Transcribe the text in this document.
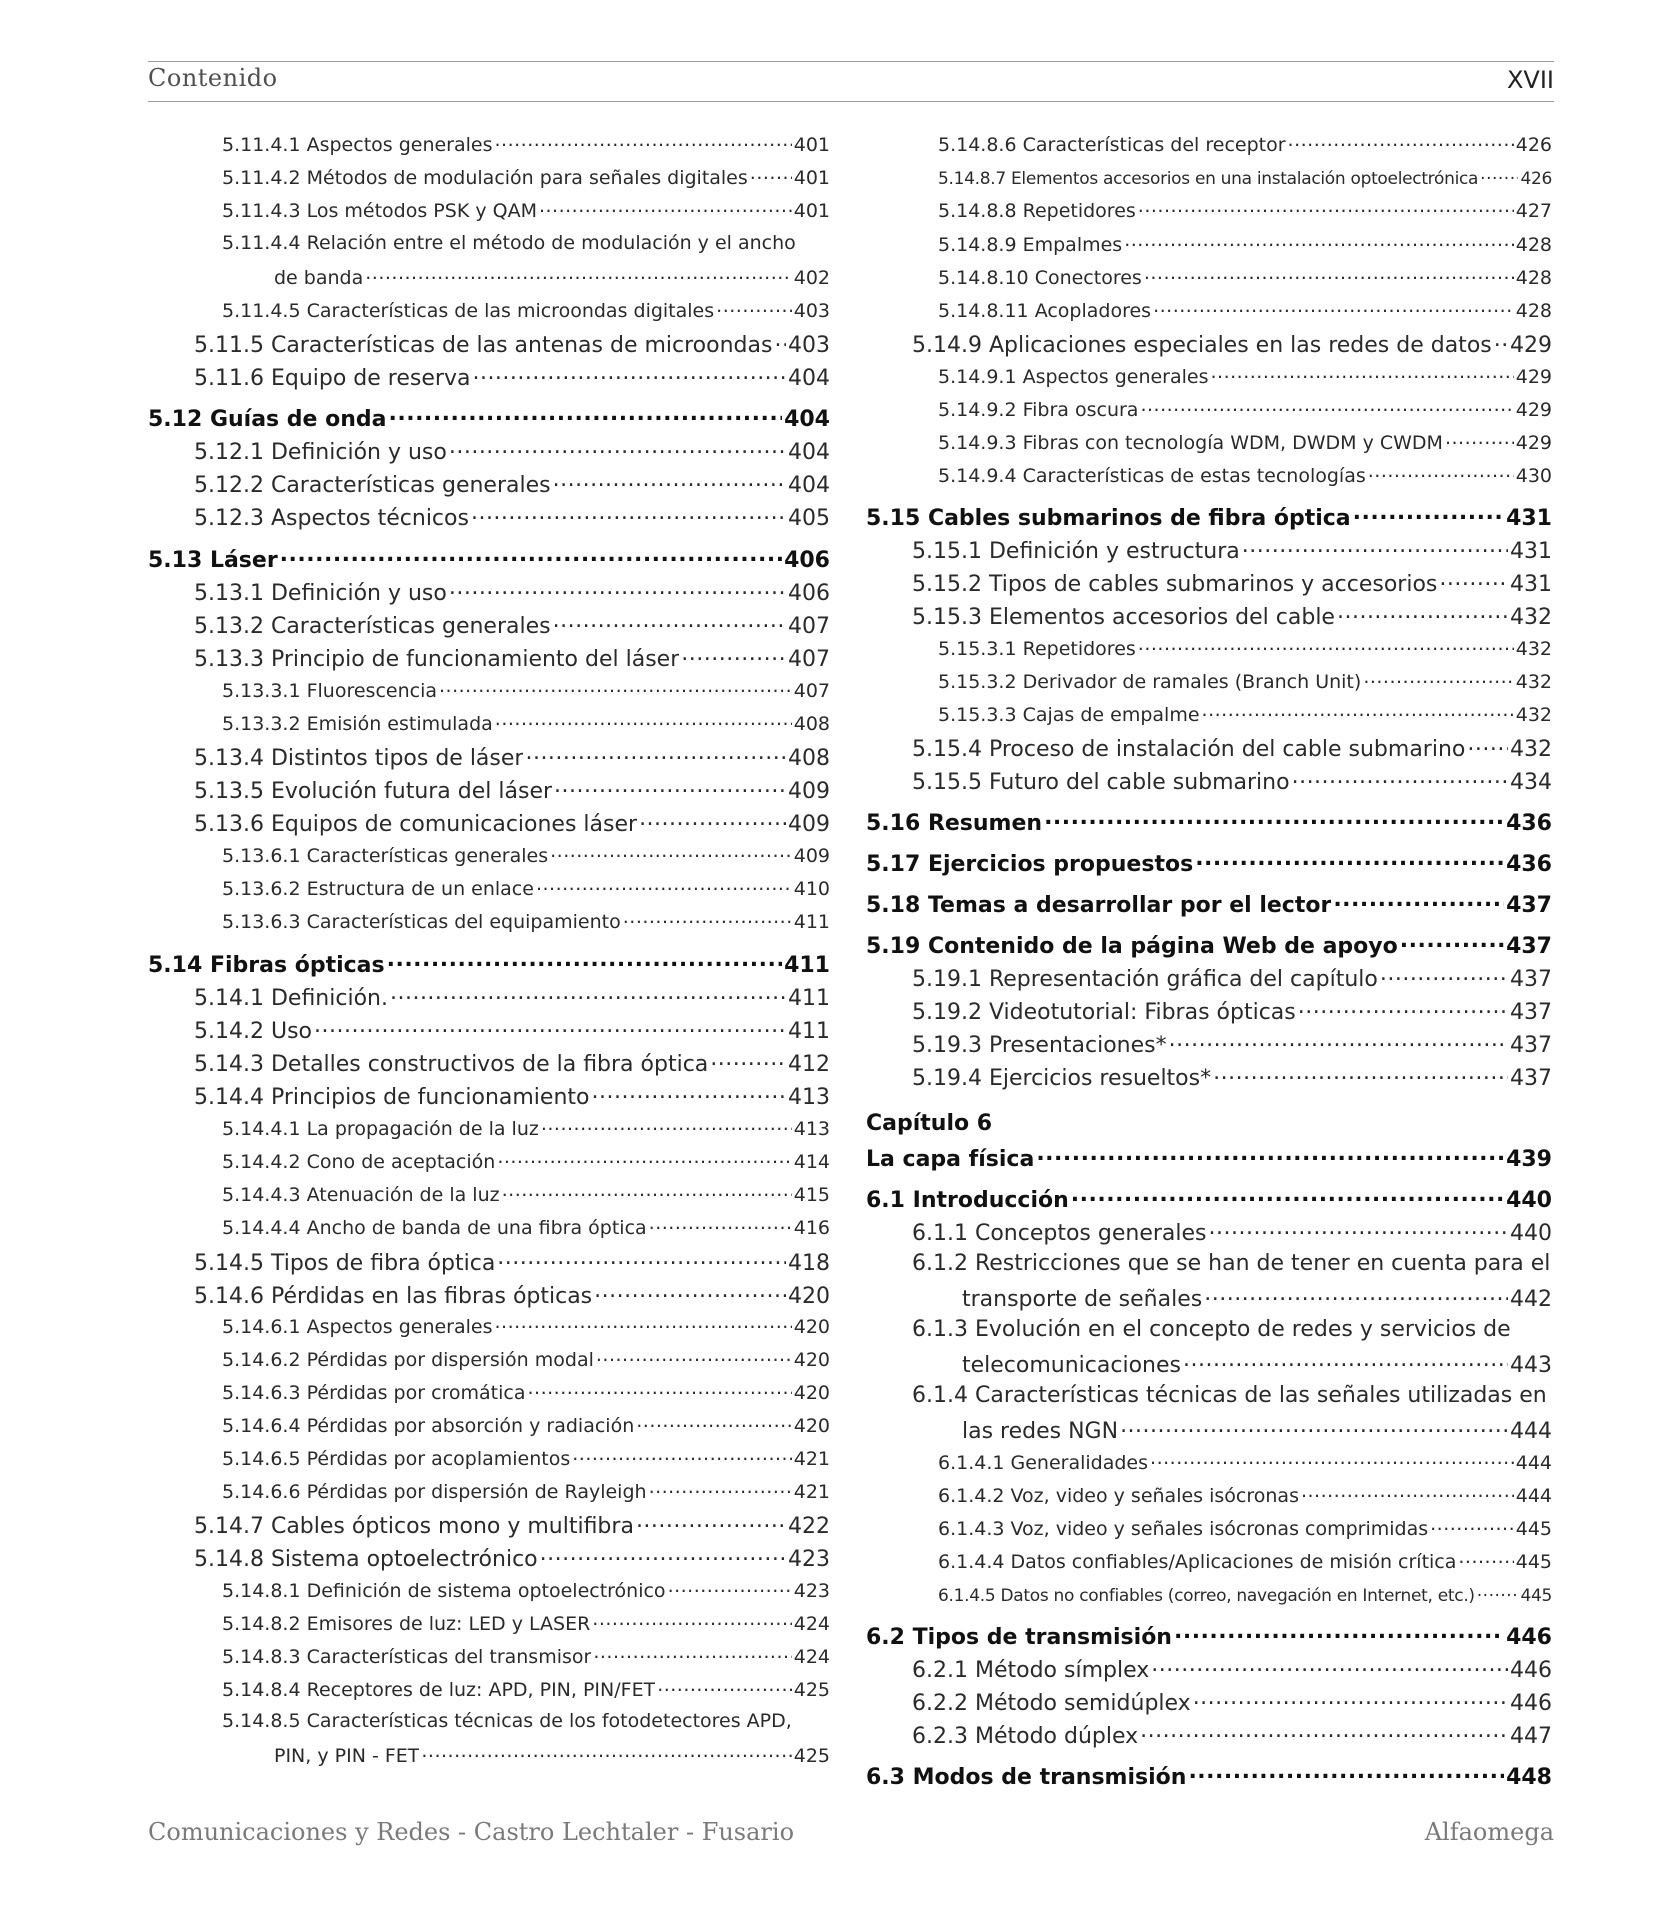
Contenido	XVII
5.11.4.1 Aspectos generales .....	401
5.11.4.2 Métodos de modulación para señales digitales ..... 401
5.11.4.3 Los métodos PSK y QAM .....	401
5.11.4.4 Relación entre el método de modulación y el ancho
de banda .....	402
5.11.4.5 Características de las microondas digitales .....	403
5.11.5 Características de las antenas de microondas ..... 403
5.11.6 Equipo de reserva .....	404
5.12 Guías de onda .....	404
5.12.1 Definición y uso .....	404
5.12.2 Características generales .....	404
5.12.3 Aspectos técnicos .....	405
5.13 Láser .....	406
5.13.1 Definición y uso .....	406
5.13.2 Características generales .....	407
5.13.3 Principio de funcionamiento del láser .....	407
5.13.3.1 Fluorescencia .....	407
5.13.3.2 Emisión estimulada .....	408
5.13.4 Distintos tipos de láser .....	408
5.13.5 Evolución futura del láser .....	409
5.13.6 Equipos de comunicaciones láser .....	409
5.13.6.1 Características generales .....	409
5.13.6.2 Estructura de un enlace .....	410
5.13.6.3 Características del equipamiento .....	411
5.14 Fibras ópticas .....	411
5.14.1 Definición. .....	411
5.14.2 Uso .....	411
5.14.3 Detalles constructivos de la fibra óptica .....	412
5.14.4 Principios de funcionamiento .....	413
5.14.4.1 La propagación de la luz .....	413
5.14.4.2 Cono de aceptación .....	414
5.14.4.3 Atenuación de la luz .....	415
5.14.4.4 Ancho de banda de una fibra óptica .....	416
5.14.5 Tipos de fibra óptica .....	418
5.14.6 Pérdidas en las fibras ópticas .....	420
5.14.6.1 Aspectos generales .....	420
5.14.6.2 Pérdidas por dispersión modal .....	420
5.14.6.3 Pérdidas por cromática .....	420
5.14.6.4 Pérdidas por absorción y radiación .....	420
5.14.6.5 Pérdidas por acoplamientos .....	421
5.14.6.6 Pérdidas por dispersión de Rayleigh .....	421
5.14.7 Cables ópticos mono y multifibra .....	422
5.14.8 Sistema optoelectrónico .....	423
5.14.8.1 Definición de sistema optoelectrónico .....	423
5.14.8.2 Emisores de luz: LED y LASER .....	424
5.14.8.3 Características del transmisor .....	424
5.14.8.4 Receptores de luz: APD, PIN, PIN/FET .....	425
5.14.8.5 Características técnicas de los fotodetectores APD,
PIN, y PIN - FET .....	425
5.14.8.6 Características del receptor .....	426
5.14.8.7 Elementos accesorios en una instalación optoelectrónica ..... 426
5.14.8.8 Repetidores .....	427
5.14.8.9 Empalmes .....	428
5.14.8.10 Conectores .....	428
5.14.8.11 Acopladores .....	428
5.14.9 Aplicaciones especiales en las redes de datos ..... 429
5.14.9.1 Aspectos generales .....	429
5.14.9.2 Fibra oscura .....	429
5.14.9.3 Fibras con tecnología WDM, DWDM y CWDM .....	429
5.14.9.4 Características de estas tecnologías .....	430
5.15 Cables submarinos de fibra óptica .....	431
5.15.1 Definición y estructura .....	431
5.15.2 Tipos de cables submarinos y accesorios .....	431
5.15.3 Elementos accesorios del cable .....	432
5.15.3.1 Repetidores .....	432
5.15.3.2 Derivador de ramales (Branch Unit) .....	432
5.15.3.3 Cajas de empalme .....	432
5.15.4 Proceso de instalación del cable submarino ..... 432
5.15.5 Futuro del cable submarino .....	434
5.16 Resumen .....	436
5.17 Ejercicios propuestos .....	436
5.18 Temas a desarrollar por el lector .....	437
5.19 Contenido de la página Web de apoyo .....	437
5.19.1 Representación gráfica del capítulo .....	437
5.19.2 Videotutorial: Fibras ópticas .....	437
5.19.3 Presentaciones* .....	437
5.19.4 Ejercicios resueltos* .....	437
Capítulo 6
La capa física .....	439
6.1 Introducción .....	440
6.1.1 Conceptos generales .....	440
6.1.2 Restricciones que se han de tener en cuenta para el
transporte de señales .....	442
6.1.3 Evolución en el concepto de redes y servicios de
telecomunicaciones .....	443
6.1.4 Características técnicas de las señales utilizadas en
las redes NGN .....	444
6.1.4.1 Generalidades .....	444
6.1.4.2 Voz, video y señales isócronas .....	444
6.1.4.3 Voz, video y señales isócronas comprimidas .....	445
6.1.4.4 Datos confiables/Aplicaciones de misión crítica .....	445
6.1.4.5 Datos no confiables (correo, navegación en Internet, etc.) .....	445
6.2 Tipos de transmisión .....	446
6.2.1 Método símplex .....	446
6.2.2 Método semidúplex .....	446
6.2.3 Método dúplex .....	447
6.3 Modos de transmisión .....	448
Comunicaciones y Redes - Castro Lechtaler - Fusario	Alfaomega
